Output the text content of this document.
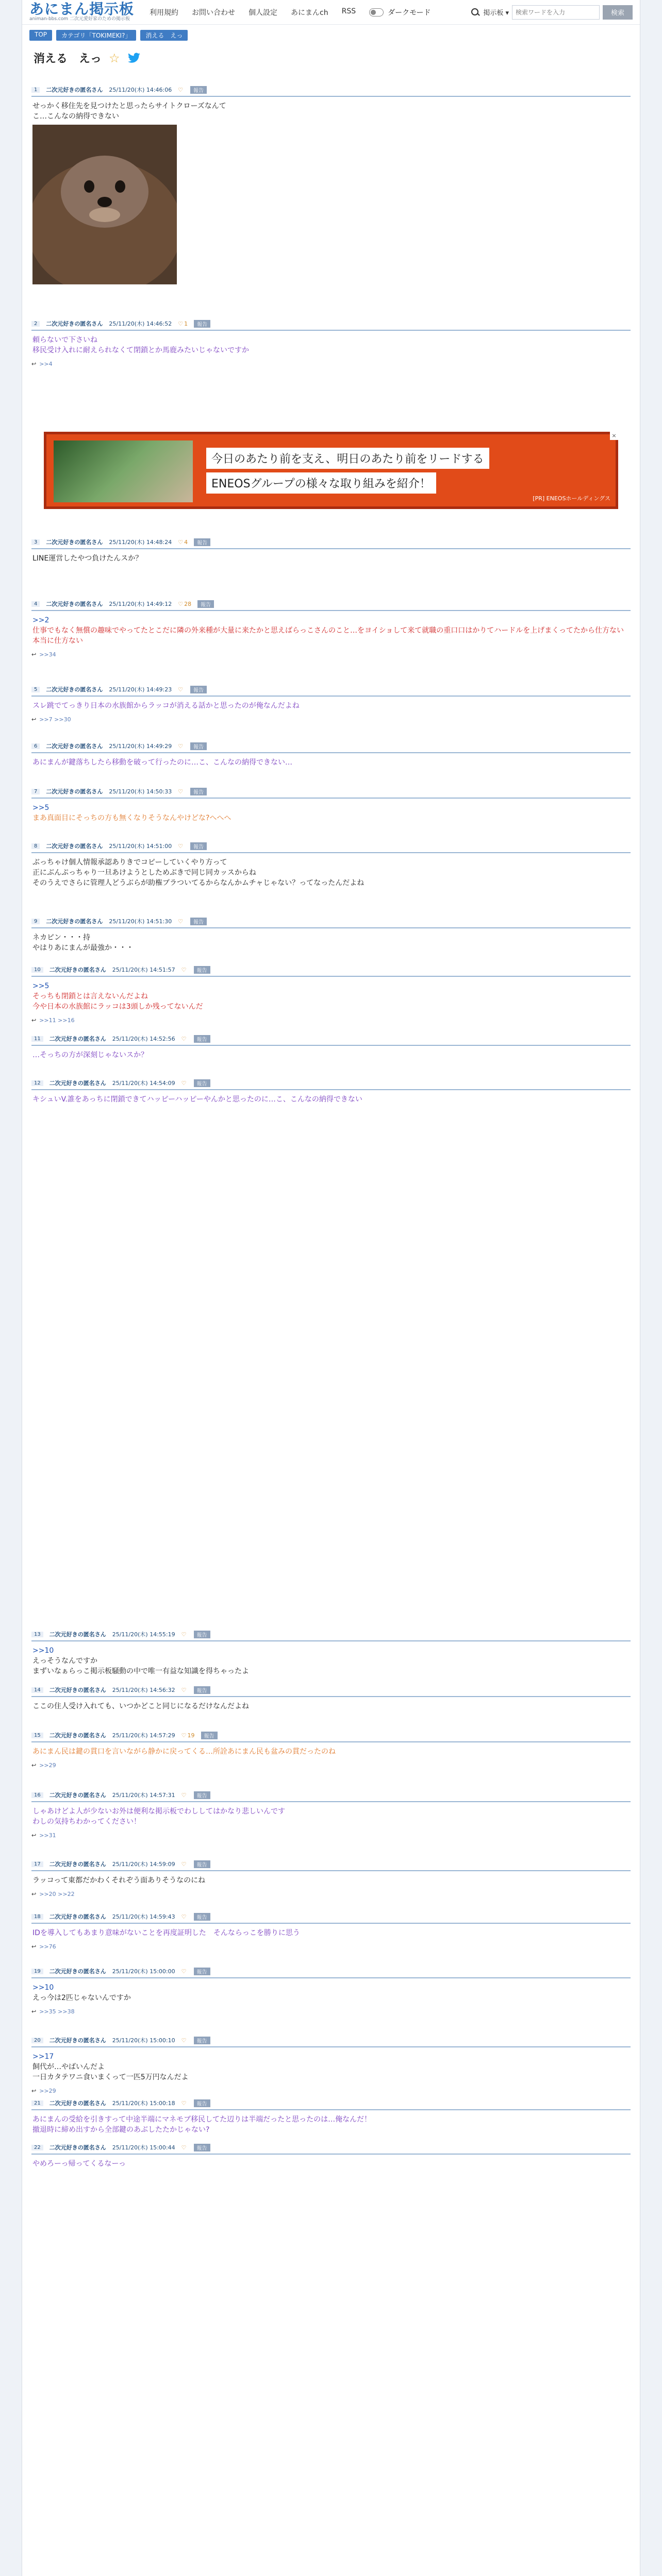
あにまん掲示板
animan-bbs.com 二次元愛好家のための掲示板
利用規約 お問い合わせ 個人設定 あにまんch RSS	ダークモード	掲示板 ▾
検索ワードを入力	検索
TOP	カテゴリ「TOKIMEKI?」	消える　えっ
消える　えっ ☆
今日のあたり前を支え、明日のあたり前をリードする
ENEOSグループの様々な取り組みを紹介！
[PR] ENEOSホールディングス
×
1	二次元好きの匿名さん 25/11/20(木) 14:46:06 ♡	報告
せっかく移住先を見つけたと思ったらサイトクローズなんて
こ…こんなの納得できない
2	二次元好きの匿名さん 25/11/20(木) 14:46:52 ♡ 1	報告
頼らないで下さいね
移民受け入れに耐えられなくて閉鎖とか馬鹿みたいじゃないですか
↩ >>4
3	二次元好きの匿名さん 25/11/20(木) 14:48:24 ♡ 4	報告
LINE運営したやつ負けたんスか？
4	二次元好きの匿名さん 25/11/20(木) 14:49:12 ♡ 28	報告
>>2
仕事でもなく無償の趣味でやってたとこだに隣の外来種が大量に来たかと思えばらっこさんのこと…をヨイショして来て就職の重口口はかりてハードルを上げまくってたから仕方ない本当に仕方ない
↩ >>34
5	二次元好きの匿名さん 25/11/20(木) 14:49:23 ♡	報告
スレ跳でてっきり日本の水族館からラッコが消える話かと思ったのが俺なんだよね
↩ >>7 >>30
6	二次元好きの匿名さん 25/11/20(木) 14:49:29 ♡	報告
あにまんが鍵落ちしたら移動を破って行ったのに…こ、こんなの納得できない…
7	二次元好きの匿名さん 25/11/20(木) 14:50:33 ♡	報告
>>5
まあ真面目にそっちの方も無くなりそうなんやけどな?へへへ
8	二次元好きの匿名さん 25/11/20(木) 14:51:00 ♡	報告
ぶっちゃけ個人情報承認ありきでコピーしていくやり方って
正にぶんぷっちゃり一旦あけようとしためぶきで同じ同カッスからね
そのうえでさらに管理人どうぶらが助権ブラついてるからなんかムチャじゃない？ってなったんだよね
9	二次元好きの匿名さん 25/11/20(木) 14:51:30 ♡	報告
ネカピン・・・持
やはりあにまんが最強か・・・
10	二次元好きの匿名さん 25/11/20(木) 14:51:57 ♡	報告
>>5
そっちも閉鎖とは言えないんだよね
今や日本の水族館にラッコは3頭しか残ってないんだ
↩ >>11 >>16
11	二次元好きの匿名さん 25/11/20(木) 14:52:56 ♡	報告
…そっちの方が深刻じゃないスか？
12	二次元好きの匿名さん 25/11/20(木) 14:54:09 ♡	報告
キシュいV.誰をあっちに閉鎖できてハッピーハッピーやんかと思ったのに…こ、こんなの納得できない
13	二次元好きの匿名さん 25/11/20(木) 14:55:19 ♡	報告
>>10
えっそうなんですか
まずいなぁらっこ掲示板騒動の中で唯一有益な知識を得ちゃったよ
14	二次元好きの匿名さん 25/11/20(木) 14:56:32 ♡	報告
ここの住人受け入れても、いつかどこと同じになるだけなんだよね
15	二次元好きの匿名さん 25/11/20(木) 14:57:29 ♡ 19	報告
あにまん民は鍵の貫口を言いながら静かに戻ってくる…所詮あにまん民も盆みの貫だったのね
↩ >>29
16	二次元好きの匿名さん 25/11/20(木) 14:57:31 ♡	報告
しゃあけどよ人が少ないお外は便利な掲示板でわししてはかなり悲しいんです
わしの気持ちわかってください！
↩ >>31
17	二次元好きの匿名さん 25/11/20(木) 14:59:09 ♡	報告
ラッコって東都だかわくそれぞう面ありそうなのにね
↩ >>20 >>22
18	二次元好きの匿名さん 25/11/20(木) 14:59:43 ♡	報告
IDを導入してもあまり意味がないことを再度証明した　そんならっこを勝りに思う
↩ >>76
19	二次元好きの匿名さん 25/11/20(木) 15:00:00 ♡	報告
>>10
えっ今は2匹じゃないんですか
↩ >>35 >>38
20	二次元好きの匿名さん 25/11/20(木) 15:00:10 ♡	報告
>>17
飼代が…やばいんだよ
一日カタテワニ食いまくって一匹5万円なんだよ
↩ >>29
21	二次元好きの匿名さん 25/11/20(木) 15:00:18 ♡	報告
あにまんの受給を引きすって中途半端にマネモブ移民してた辺りは半端だったと思ったのは…俺なんだ！
撤退時に締め出すから全部鍵のあぶしたたかじゃない?
22	二次元好きの匿名さん 25/11/20(木) 15:00:44 ♡	報告
やめろーっ帰ってくるなーっ
